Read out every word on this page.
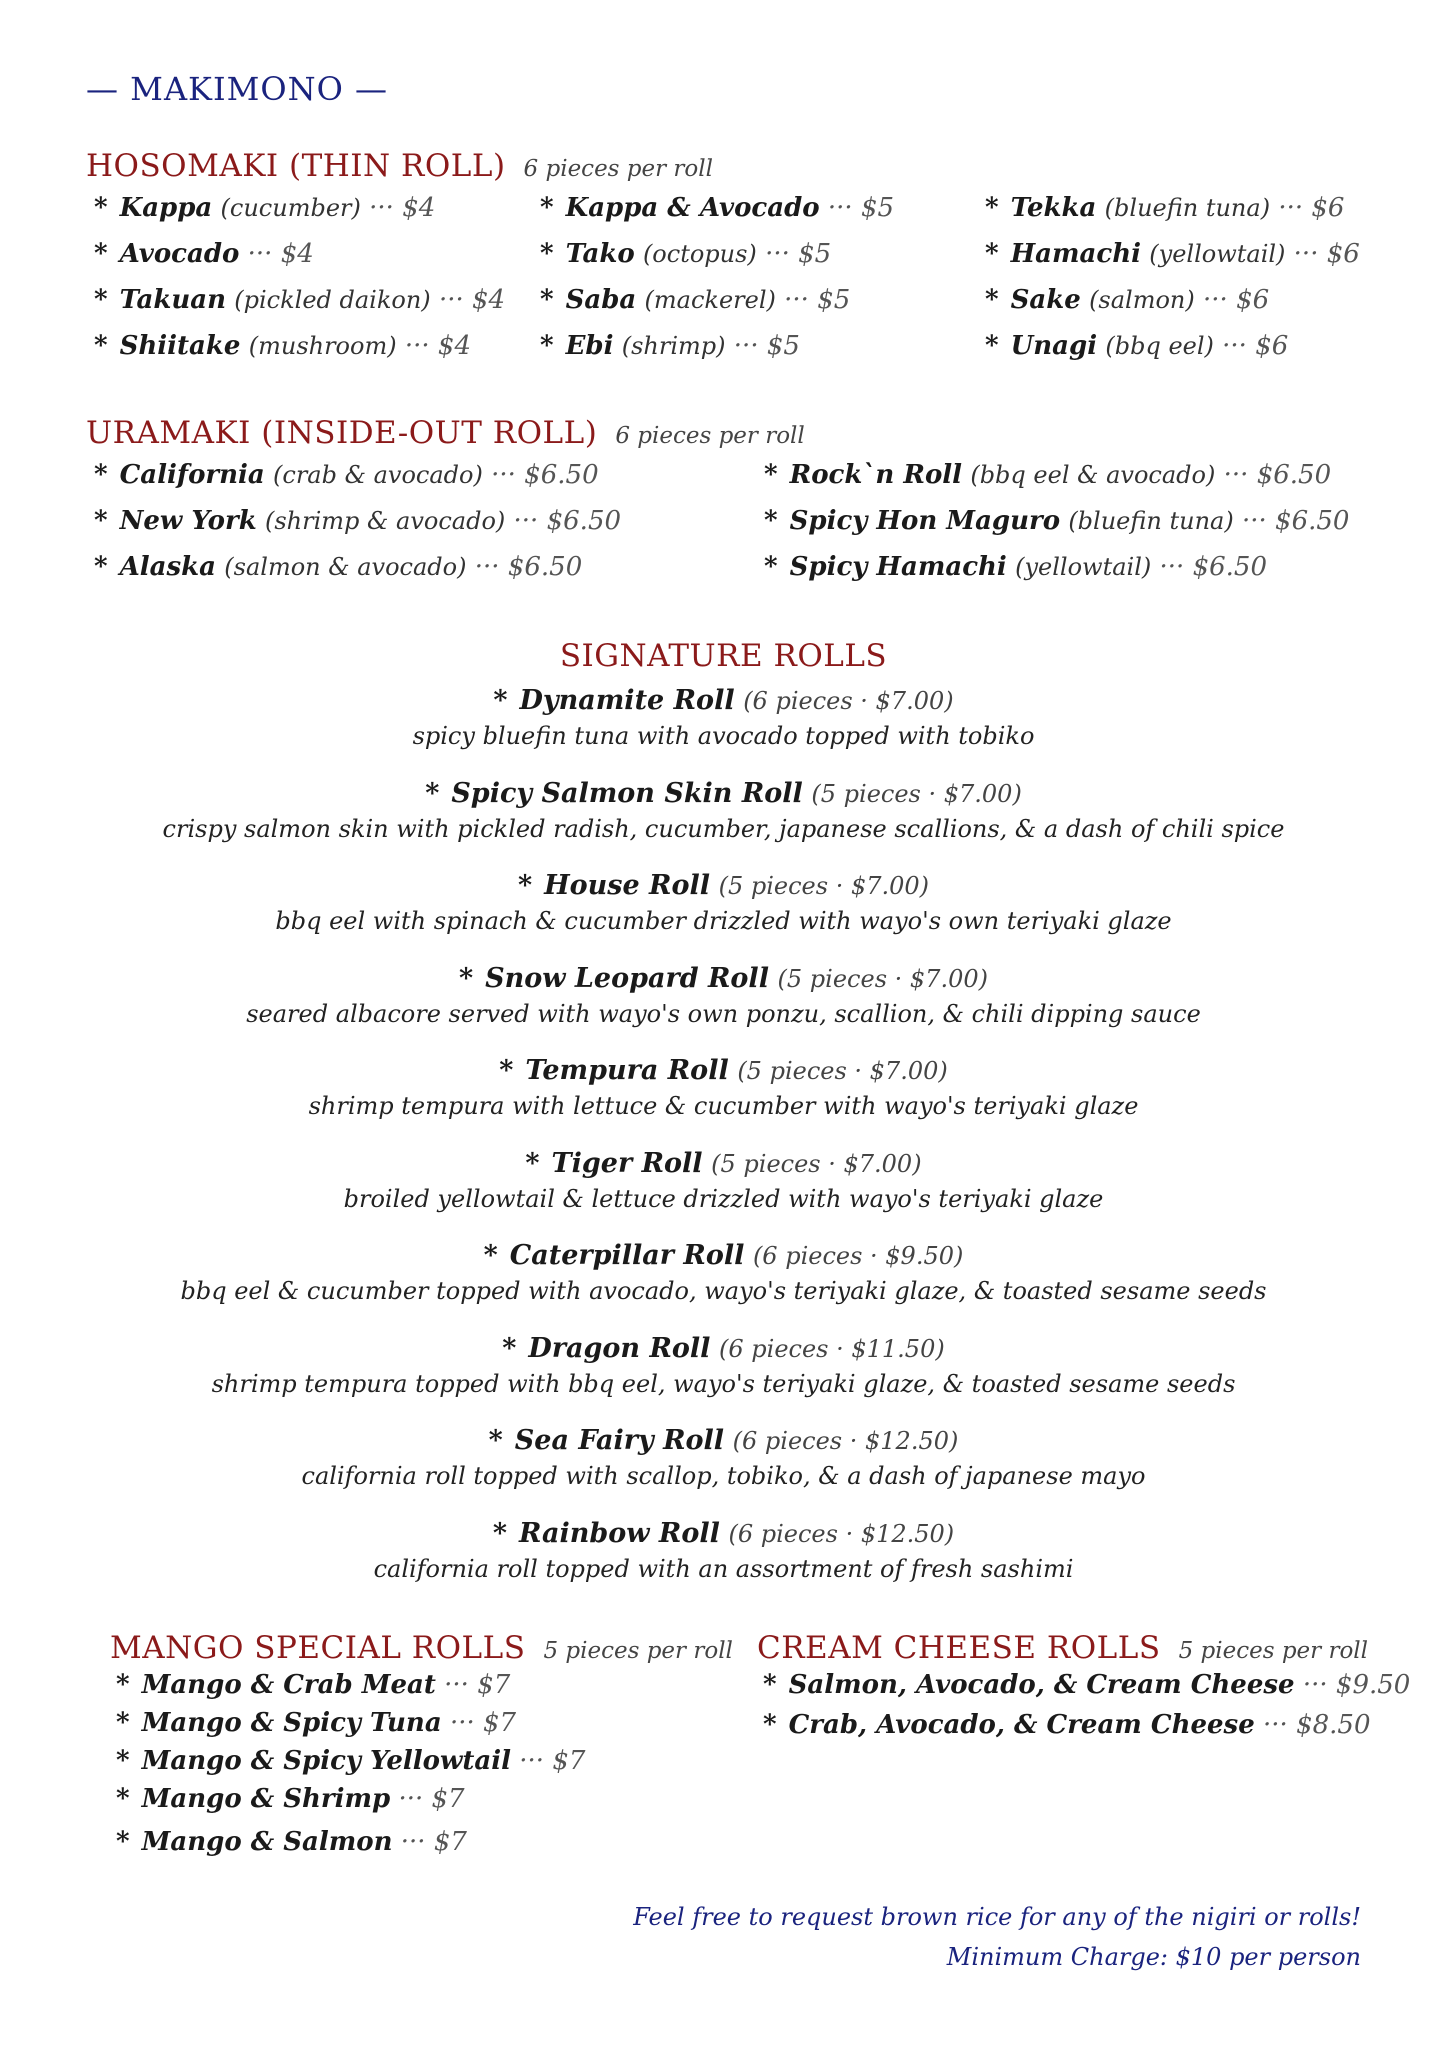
— MAKIMONO —
HOSOMAKI (THIN ROLL) 6 pieces per roll
* Kappa (cucumber) ··· $4
* Avocado ··· $4
* Takuan (pickled daikon) ··· $4
* Shiitake (mushroom) ··· $4
* Kappa & Avocado ··· $5
* Tako (octopus) ··· $5
* Saba (mackerel) ··· $5
* Ebi (shrimp) ··· $5
* Tekka (bluefin tuna) ··· $6
* Hamachi (yellowtail) ··· $6
* Sake (salmon) ··· $6
* Unagi (bbq eel) ··· $6
URAMAKI (INSIDE-OUT ROLL) 6 pieces per roll
* California (crab & avocado) ··· $6.50
* New York (shrimp & avocado) ··· $6.50
* Alaska (salmon & avocado) ··· $6.50
* Rock`n Roll (bbq eel & avocado) ··· $6.50
* Spicy Hon Maguro (bluefin tuna) ··· $6.50
* Spicy Hamachi (yellowtail) ··· $6.50
SIGNATURE ROLLS
* Dynamite Roll (6 pieces · $7.00)
spicy bluefin tuna with avocado topped with tobiko
* Spicy Salmon Skin Roll (5 pieces · $7.00)
crispy salmon skin with pickled radish, cucumber, japanese scallions, & a dash of chili spice
* House Roll (5 pieces · $7.00)
bbq eel with spinach & cucumber drizzled with wayo's own teriyaki glaze
* Snow Leopard Roll (5 pieces · $7.00)
seared albacore served with wayo's own ponzu, scallion, & chili dipping sauce
* Tempura Roll (5 pieces · $7.00)
shrimp tempura with lettuce & cucumber with wayo's teriyaki glaze
* Tiger Roll (5 pieces · $7.00)
broiled yellowtail & lettuce drizzled with wayo's teriyaki glaze
* Caterpillar Roll (6 pieces · $9.50)
bbq eel & cucumber topped with avocado, wayo's teriyaki glaze, & toasted sesame seeds
* Dragon Roll (6 pieces · $11.50)
shrimp tempura topped with bbq eel, wayo's teriyaki glaze, & toasted sesame seeds
* Sea Fairy Roll (6 pieces · $12.50)
california roll topped with scallop, tobiko, & a dash of japanese mayo
* Rainbow Roll (6 pieces · $12.50)
california roll topped with an assortment of fresh sashimi
MANGO SPECIAL ROLLS 5 pieces per roll
* Mango & Crab Meat ··· $7
* Mango & Spicy Tuna ··· $7
* Mango & Spicy Yellowtail ··· $7
* Mango & Shrimp ··· $7
* Mango & Salmon ··· $7
CREAM CHEESE ROLLS 5 pieces per roll
* Salmon, Avocado, & Cream Cheese ··· $9.50
* Crab, Avocado, & Cream Cheese ··· $8.50
Feel free to request brown rice for any of the nigiri or rolls!
Minimum Charge: $10 per person
